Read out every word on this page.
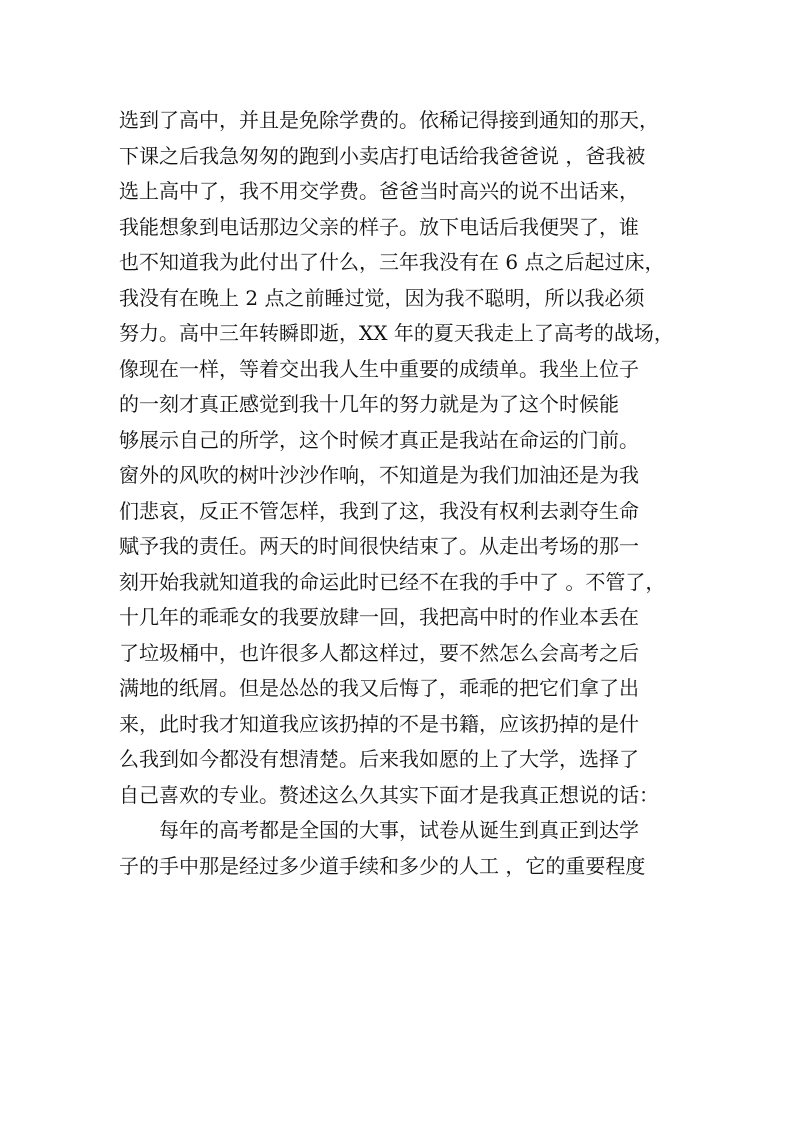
选到了高中，并且是免除学费的。依稀记得接到通知的那天，
下课之后我急匆匆的跑到小卖店打电话给我爸爸说 ，爸我被
选上高中了，我不用交学费。爸爸当时高兴的说不出话来，
我能想象到电话那边父亲的样子。放下电话后我便哭了，谁
也不知道我为此付出了什么，三年我没有在 6 点之后起过床，
我没有在晚上 2 点之前睡过觉，因为我不聪明，所以我必须
努力。高中三年转瞬即逝，XX 年的夏天我走上了高考的战场，
像现在一样，等着交出我人生中重要的成绩单。我坐上位子
的一刻才真正感觉到我十几年的努力就是为了这个时候能
够展示自己的所学，这个时候才真正是我站在命运的门前。
窗外的风吹的树叶沙沙作响，不知道是为我们加油还是为我
们悲哀，反正不管怎样，我到了这，我没有权利去剥夺生命
赋予我的责任。两天的时间很快结束了。从走出考场的那一
刻开始我就知道我的命运此时已经不在我的手中了 。不管了，
十几年的乖乖女的我要放肆一回，我把高中时的作业本丢在
了垃圾桶中，也许很多人都这样过，要不然怎么会高考之后
满地的纸屑。但是怂怂的我又后悔了，乖乖的把它们拿了出
来，此时我才知道我应该扔掉的不是书籍，应该扔掉的是什
么我到如今都没有想清楚。后来我如愿的上了大学，选择了
自己喜欢的专业。赘述这么久其实下面才是我真正想说的话：
每年的高考都是全国的大事，试卷从诞生到真正到达学
子的手中那是经过多少道手续和多少的人工 ，它的重要程度
